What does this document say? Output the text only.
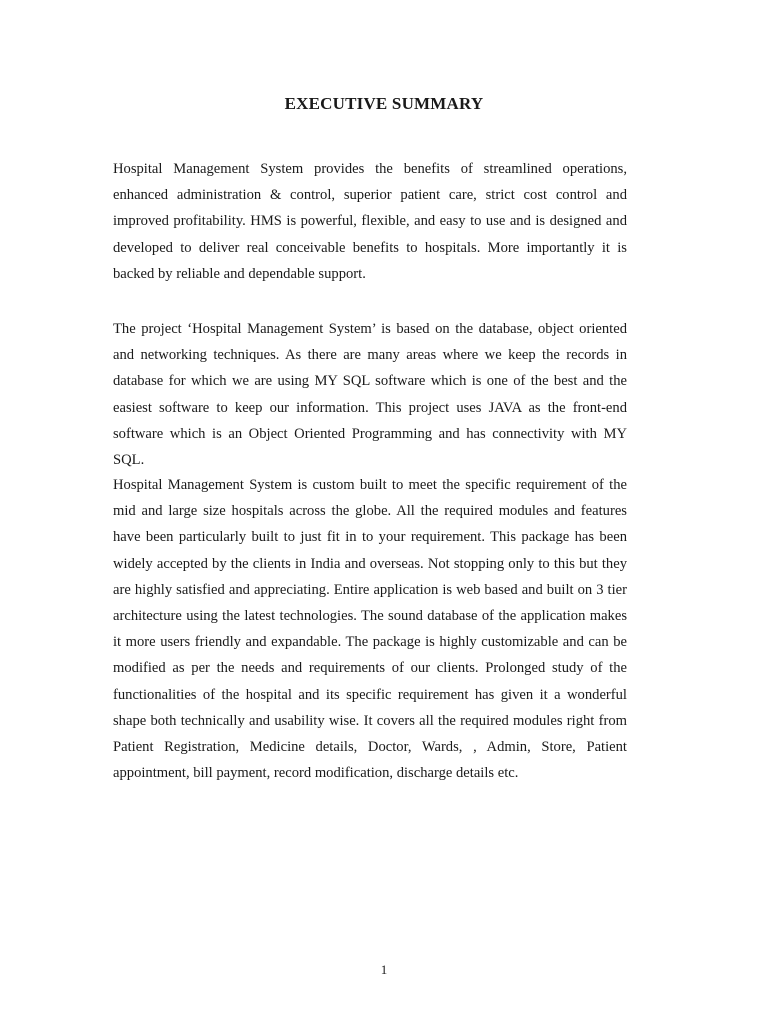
EXECUTIVE SUMMARY

Hospital Management System provides the benefits of streamlined operations, enhanced administration & control, superior patient care, strict cost control and improved profitability. HMS is powerful, flexible, and easy to use and is designed and developed to deliver real conceivable benefits to hospitals. More importantly it is backed by reliable and dependable support.

The project ‘Hospital Management System’ is based on the database, object oriented and networking techniques. As there are many areas where we keep the records in database for which we are using MY SQL software which is one of the best and the easiest software to keep our information. This project uses JAVA as the front-end software which is an Object Oriented Programming and has connectivity with MY SQL.

Hospital Management System is custom built to meet the specific requirement of the mid and large size hospitals across the globe. All the required modules and features have been particularly built to just fit in to your requirement. This package has been widely accepted by the clients in India and overseas. Not stopping only to this but they are highly satisfied and appreciating. Entire application is web based and built on 3 tier architecture using the latest technologies. The sound database of the application makes it more users friendly and expandable. The package is highly customizable and can be modified as per the needs and requirements of our clients. Prolonged study of the functionalities of the hospital and its specific requirement has given it a wonderful shape both technically and usability wise. It covers all the required modules right from Patient Registration, Medicine details, Doctor, Wards, , Admin, Store, Patient appointment, bill payment, record modification, discharge details etc.

1
